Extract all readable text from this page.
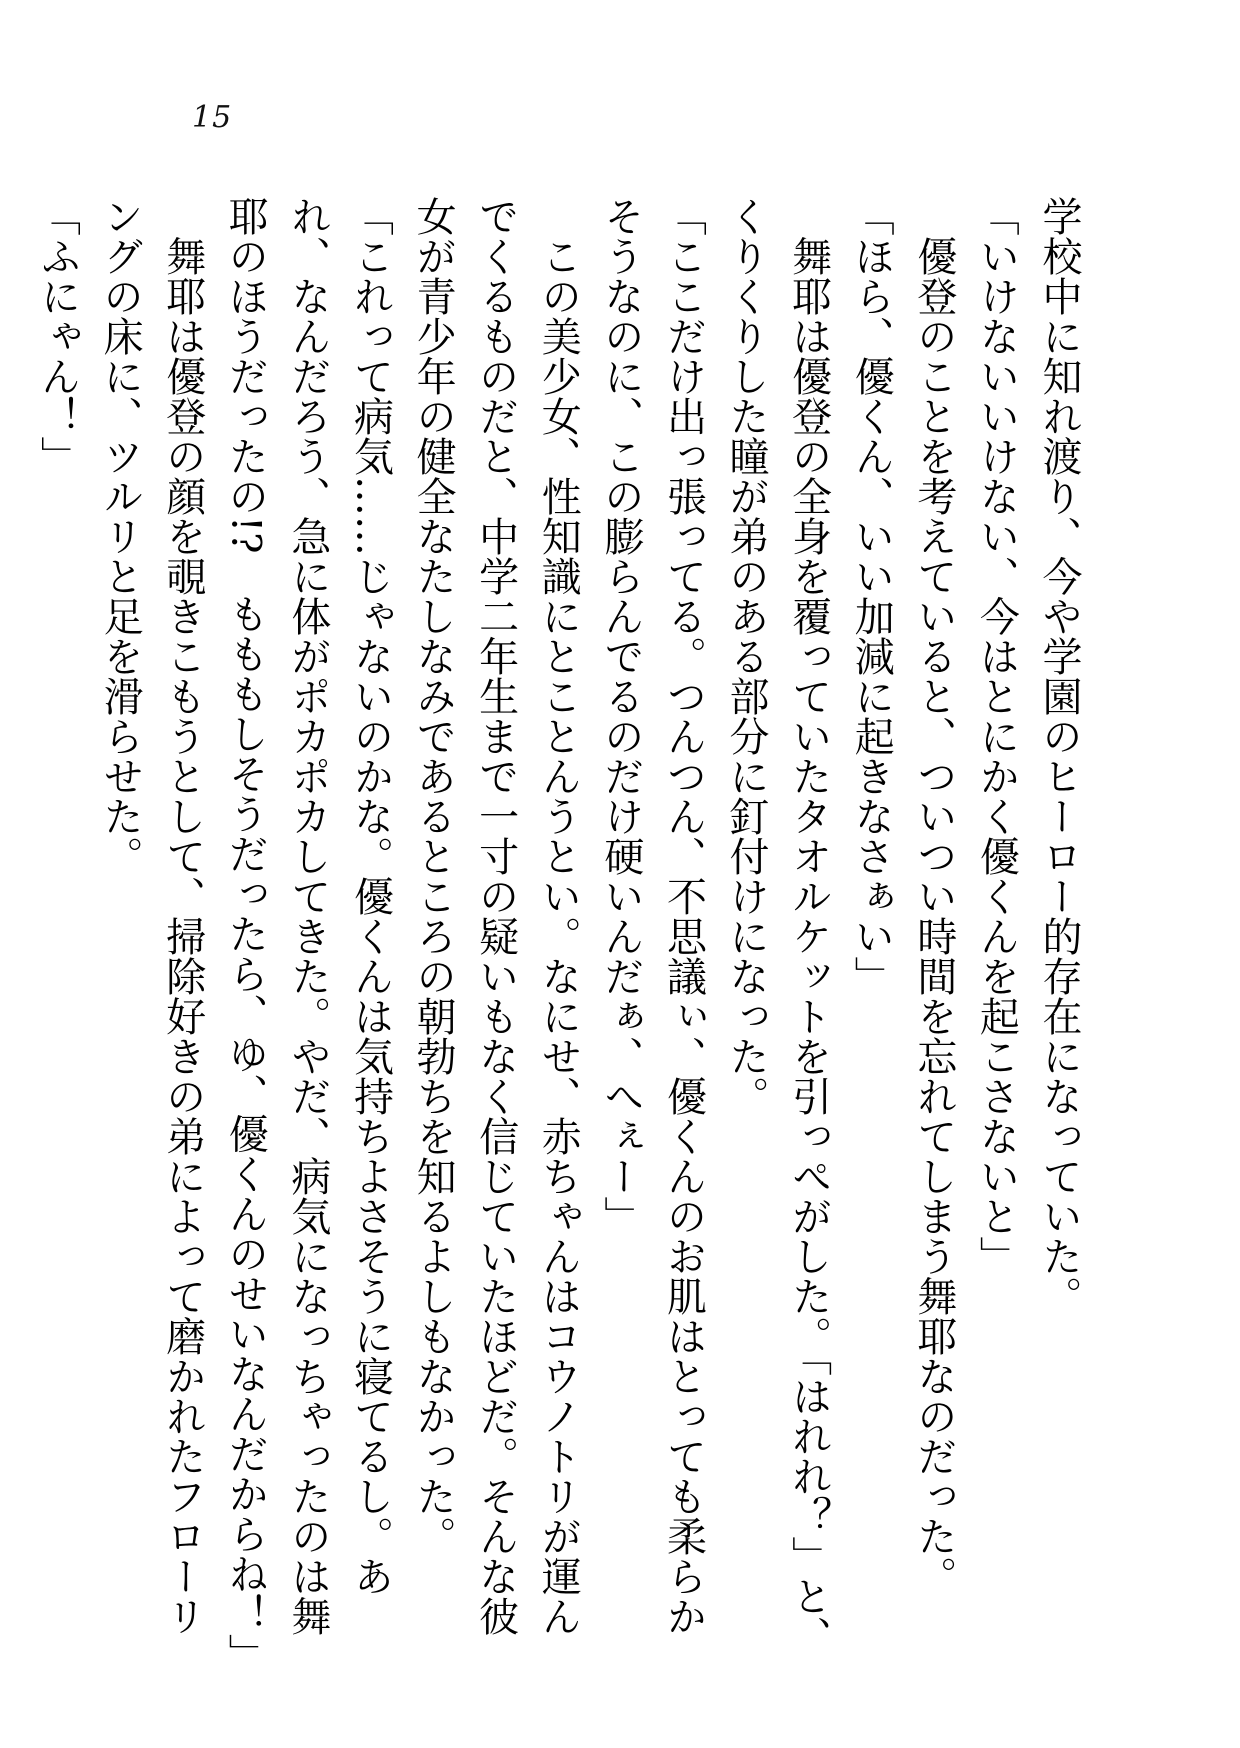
15

学校中に知れ渡り、今や学園のヒーロー的存在になっていた。

「いけないいけない、今はとにかく優くんを起こさないと」

優登のことを考えていると、ついつい時間を忘れてしまう舞耶なのだった。

「ほら、優くん、いい加減に起きなさぁい」

舞耶は優登の全身を覆っていたタオルケットを引っぺがした。「はれれ？」と、くりくりした瞳が弟のある部分に釘付けになった。

「ここだけ出っ張ってる。つんつん、不思議ぃ、優くんのお肌はとっても柔らかそうなのに、この膨らんでるのだけ硬いんだぁ、へぇー」

この美少女、性知識にとことんうとい。なにせ、赤ちゃんはコウノトリが運んでくるものだと、中学二年生まで一寸の疑いもなく信じていたほどだ。そんな彼女が青少年の健全なたしなみであるところの朝勃ちを知るよしもなかった。

「これって病気……じゃないのかな。優くんは気持ちよさそうに寝てるし。あれ、なんだろう、急に体がポカポカしてきた。やだ、病気になっちゃったのは舞耶のほうだったの!?　もももしそうだったら、ゆ、優くんのせいなんだからね！」

舞耶は優登の顔を覗きこもうとして、掃除好きの弟によって磨かれたフローリングの床に、ツルリと足を滑らせた。

「ふにゃん！」
